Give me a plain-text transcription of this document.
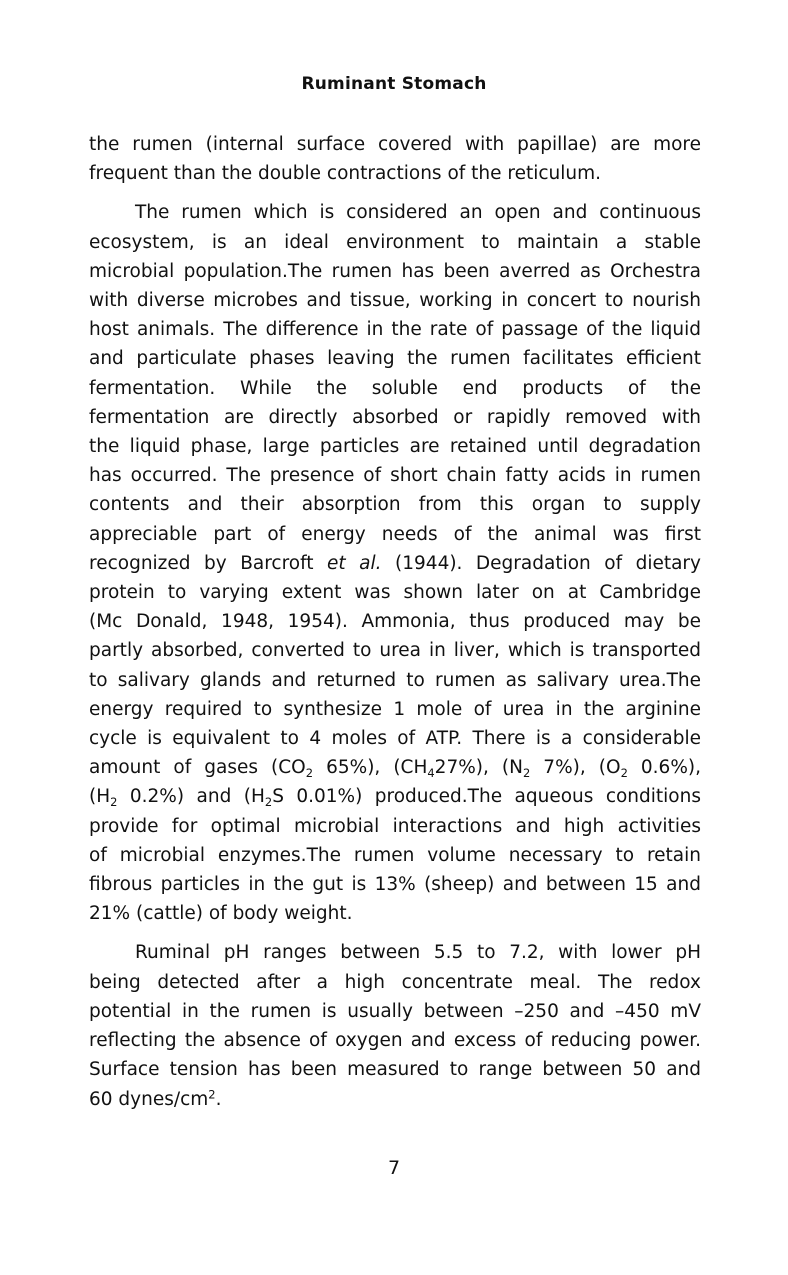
Ruminant Stomach
the rumen (internal surface covered with papillae) are more
frequent than the double contractions of the reticulum.
The rumen which is considered an open and continuous
ecosystem, is an ideal environment to maintain a stable
microbial population.The rumen has been averred as Orchestra
with diverse microbes and tissue, working in concert to nourish
host animals. The difference in the rate of passage of the liquid
and particulate phases leaving the rumen facilitates efficient
fermentation. While the soluble end products of the
fermentation are directly absorbed or rapidly removed with
the liquid phase, large particles are retained until degradation
has occurred. The presence of short chain fatty acids in rumen
contents and their absorption from this organ to supply
appreciable part of energy needs of the animal was first
recognized by Barcroft et al. (1944). Degradation of dietary
protein to varying extent was shown later on at Cambridge
(Mc Donald, 1948, 1954). Ammonia, thus produced may be
partly absorbed, converted to urea in liver, which is transported
to salivary glands and returned to rumen as salivary urea.The
energy required to synthesize 1 mole of urea in the arginine
cycle is equivalent to 4 moles of ATP. There is a considerable
amount of gases ($CO_2$ 65%), $(CH_427\%)$, ($N_2$ 7%), ($O_2$ 0.6%),
($H_2$ 0.2%) and ($H_2S$ 0.01%) produced.The aqueous conditions
provide for optimal microbial interactions and high activities
of microbial enzymes.The rumen volume necessary to retain
fibrous particles in the gut is 13% (sheep) and between 15 and
21% (cattle) of body weight.
Ruminal pH ranges between 5.5 to 7.2, with lower pH
being detected after a high concentrate meal. The redox
potential in the rumen is usually between –250 and –450 mV
reflecting the absence of oxygen and excess of reducing power.
Surface tension has been measured to range between 50 and
60 dynes/$cm^2$.
7
